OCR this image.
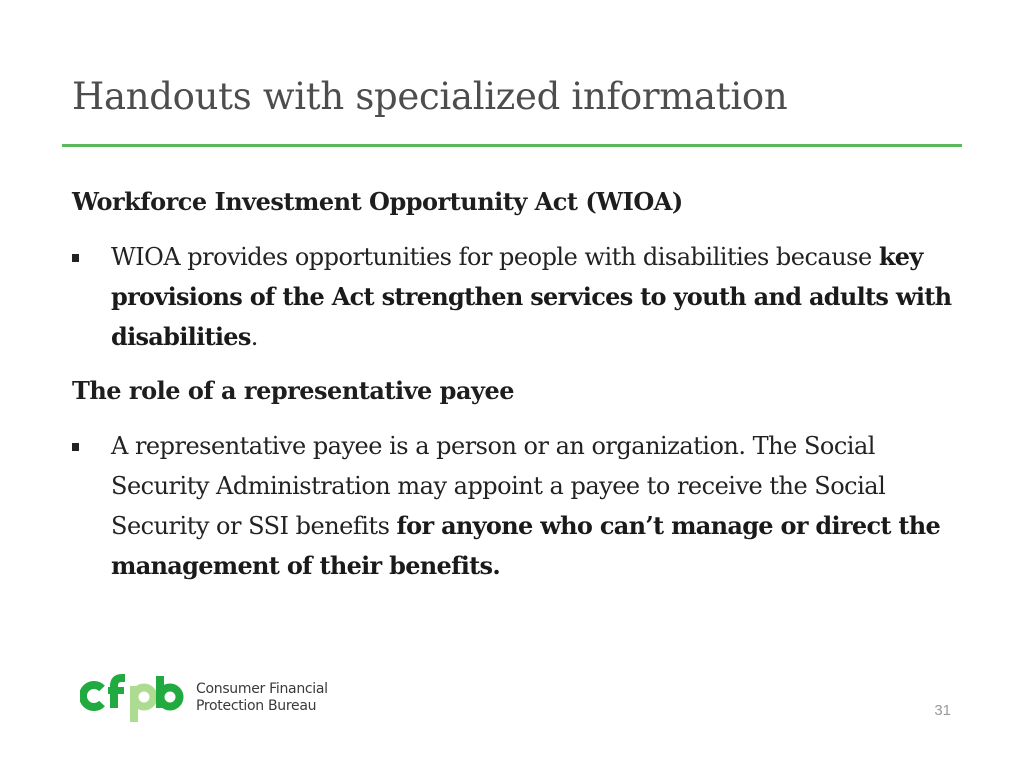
Handouts with specialized information
Workforce Investment Opportunity Act (WIOA)

WIOA provides opportunities for people with disabilities because key provisions of the Act strengthen services to youth and adults with disabilities.

The role of a representative payee

A representative payee is a person or an organization. The Social Security Administration may appoint a payee to receive the Social Security or SSI benefits for anyone who can’t manage or direct the management of their benefits.

Consumer Financial
Protection Bureau	31
